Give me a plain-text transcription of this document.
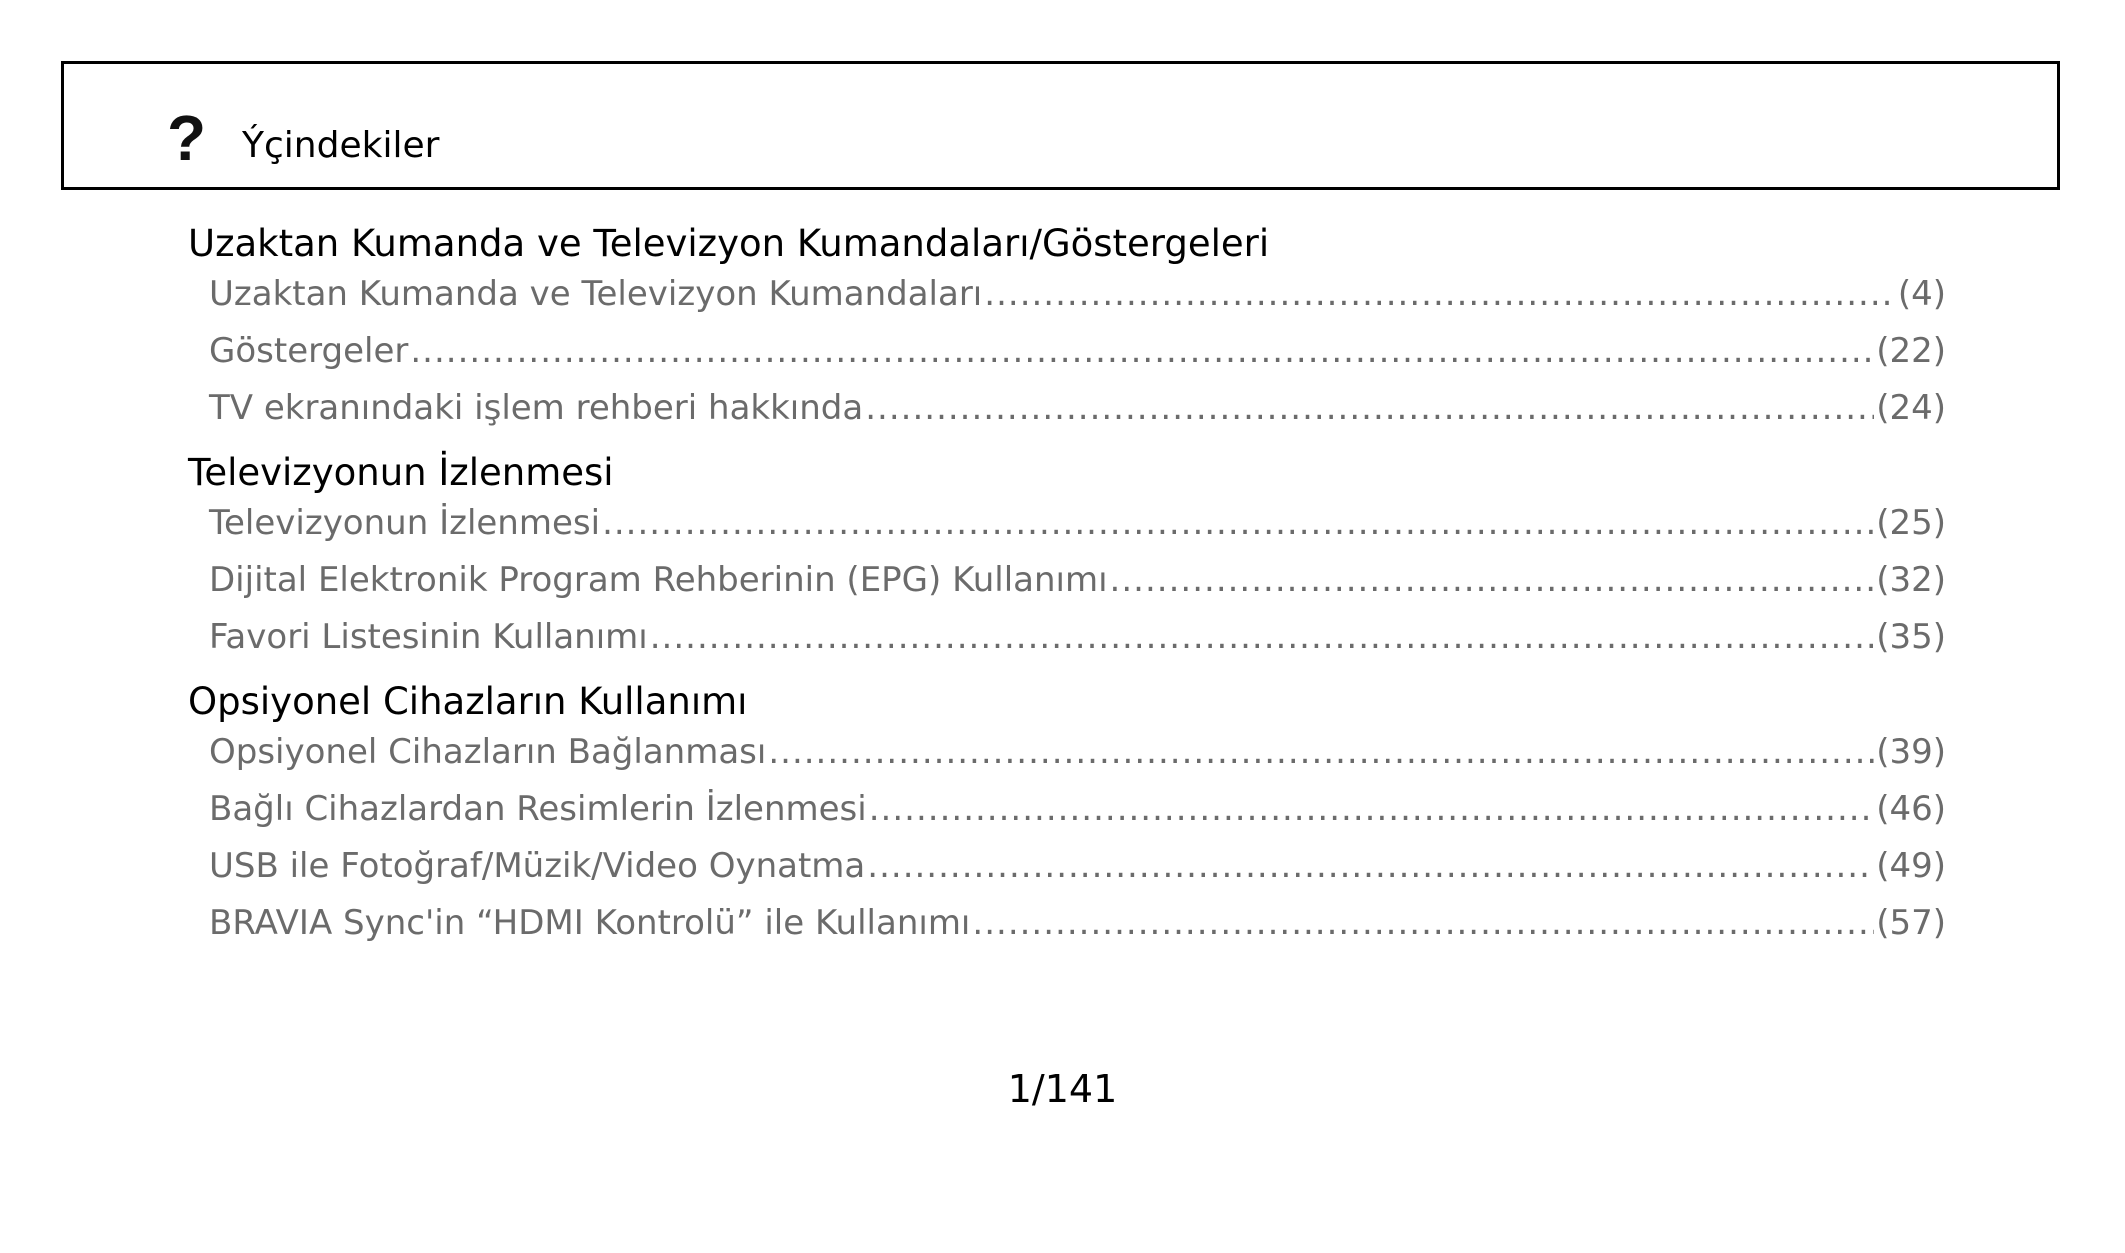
? Ýçindekiler
Uzaktan Kumanda ve Televizyon Kumandaları/Göstergeleri
Uzaktan Kumanda ve Televizyon Kumandaları .....	(4)
Göstergeler .....	(22)
TV ekranındaki işlem rehberi hakkında .....	(24)
Televizyonun İzlenmesi
Televizyonun İzlenmesi .....	(25)
Dijital Elektronik Program Rehberinin (EPG) Kullanımı .....	(32)
Favori Listesinin Kullanımı .....	(35)
Opsiyonel Cihazların Kullanımı
Opsiyonel Cihazların Bağlanması .....	(39)
Bağlı Cihazlardan Resimlerin İzlenmesi .....	(46)
USB ile Fotoğraf/Müzik/Video Oynatma .....	(49)
BRAVIA Sync'in “HDMI Kontrolü” ile Kullanımı .....	(57)
1/141
